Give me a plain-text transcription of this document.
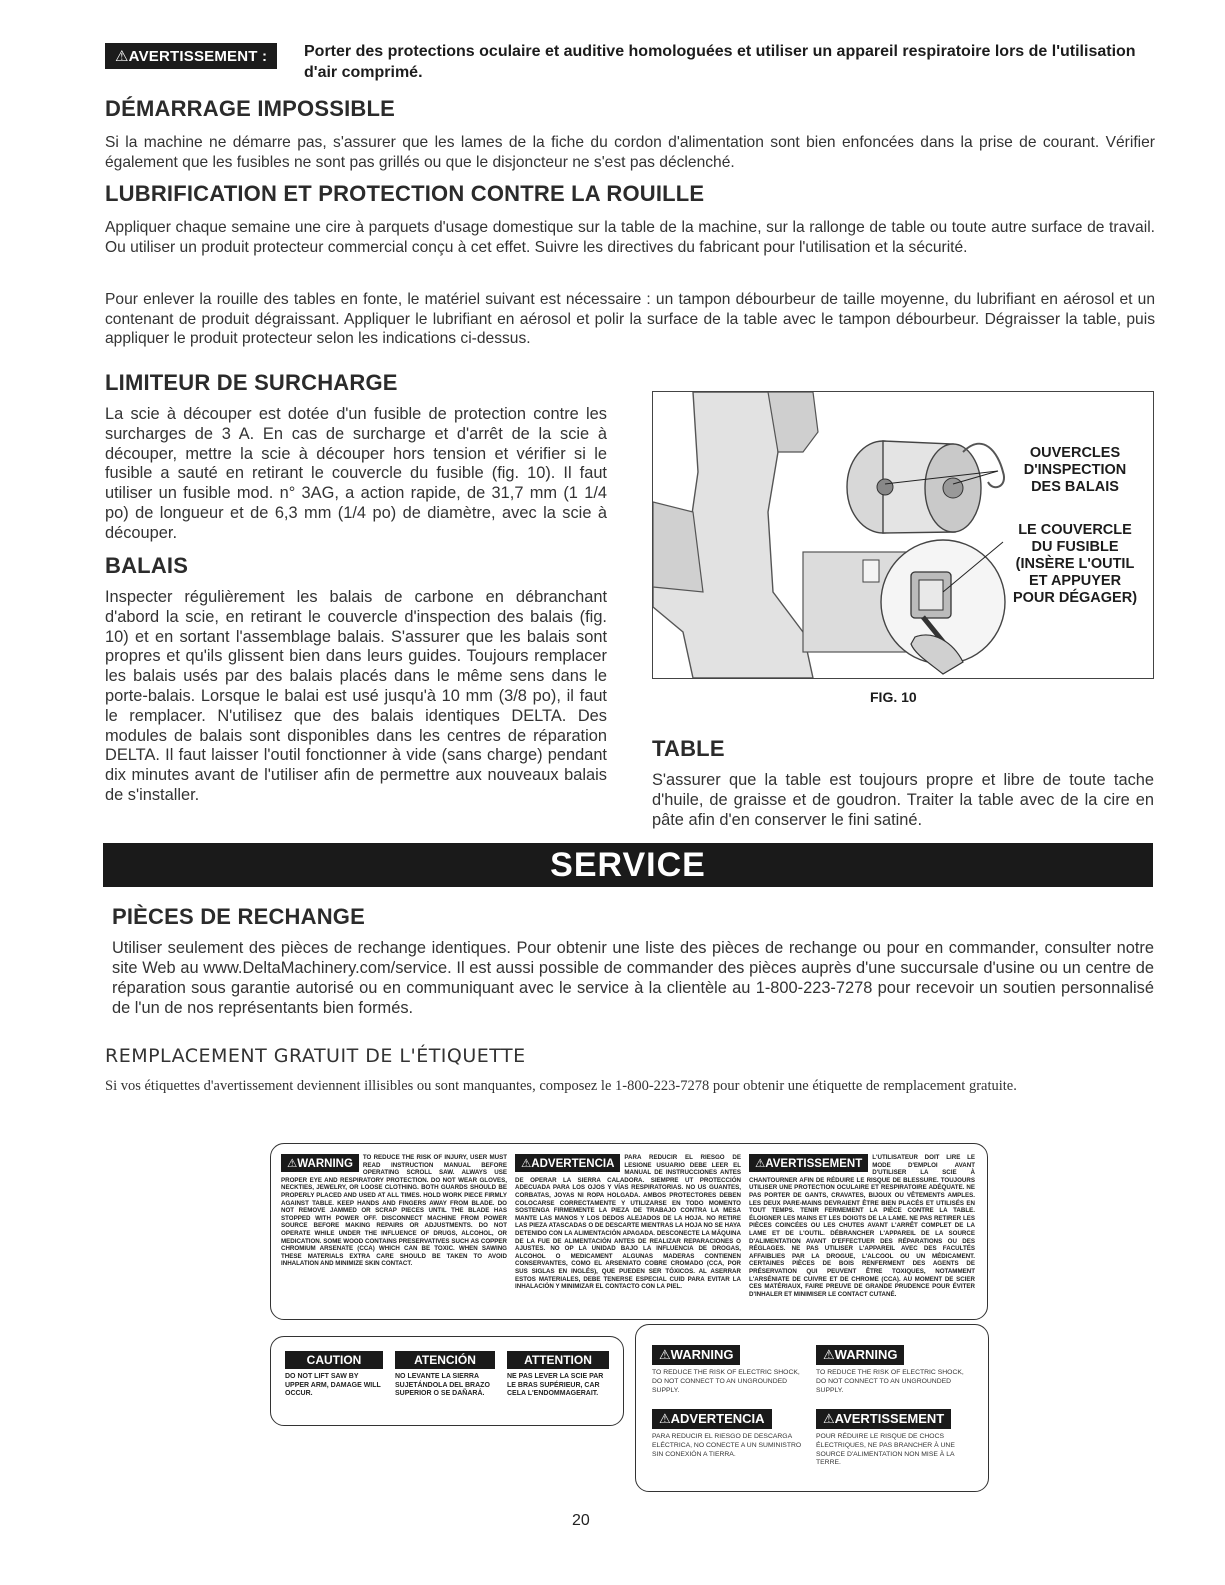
⚠AVERTISSEMENT :	Porter des protections oculaire et auditive homologuées et utiliser un appareil respiratoire lors de l'utilisation d'air comprimé.
DÉMARRAGE IMPOSSIBLE

Si la machine ne démarre pas, s'assurer que les lames de la fiche du cordon d'alimentation sont bien enfoncées dans la prise de courant. Vérifier également que les fusibles ne sont pas grillés ou que le disjoncteur ne s'est pas déclenché.

LUBRIFICATION ET PROTECTION CONTRE LA ROUILLE

Appliquer chaque semaine une cire à parquets d'usage domestique sur la table de la machine, sur la rallonge de table ou toute autre surface de travail. Ou utiliser un produit protecteur commercial conçu à cet effet. Suivre les directives du fabricant pour l'utilisation et la sécurité.

Pour enlever la rouille des tables en fonte, le matériel suivant est nécessaire : un tampon débourbeur de taille moyenne, du lubrifiant en aérosol et un contenant de produit dégraissant. Appliquer le lubrifiant en aérosol et polir la surface de la table avec le tampon débourbeur. Dégraisser la table, puis appliquer le produit protecteur selon les indications ci-dessus.

LIMITEUR DE SURCHARGE

La scie à découper est dotée d'un fusible de protection contre les surcharges de 3 A. En cas de surcharge et d'arrêt de la scie à découper, mettre la scie à découper hors tension et vérifier si le fusible a sauté en retirant le couvercle du fusible (fig. 10). Il faut utiliser un fusible mod. n° 3AG, a action rapide, de 31,7 mm (1 1/4 po) de longueur et de 6,3 mm (1/4 po) de diamètre, avec la scie à découper.

BALAIS

Inspecter régulièrement les balais de carbone en débranchant d'abord la scie, en retirant le couvercle d'inspection des balais (fig. 10) et en sortant l'assemblage balais. S'assurer que les balais sont propres et qu'ils glissent bien dans leurs guides. Toujours remplacer les balais usés par des balais placés dans le même sens dans le porte-balais. Lorsque le balai est usé jusqu'à 10 mm (3/8 po), il faut le remplacer. N'utilisez que des balais identiques DELTA. Des modules de balais sont disponibles dans les centres de réparation DELTA. Il faut laisser l'outil fonctionner à vide (sans charge) pendant dix minutes avant de l'utiliser afin de permettre aux nouveaux balais de s'installer.

OUVERCLES
D'INSPECTION
DES BALAIS
LE COUVERCLE
DU FUSIBLE
(INSÈRE L'OUTIL
ET APPUYER
POUR DÉGAGER)
FIG. 10
TABLE

S'assurer que la table est toujours propre et libre de toute tache d'huile, de graisse et de goudron. Traiter la table avec de la cire en pâte afin d'en conserver le fini satiné.

SERVICE
PIÈCES DE RECHANGE

Utiliser seulement des pièces de rechange identiques. Pour obtenir une liste des pièces de rechange ou pour en commander, consulter notre site Web au www.DeltaMachinery.com/service. Il est aussi possible de commander des pièces auprès d'une succursale d'usine ou un centre de réparation sous garantie autorisé ou en communiquant avec le service à la clientèle au 1-800-223-7278 pour recevoir un soutien personnalisé de l'un de nos représentants bien formés.

REMPLACEMENT GRATUIT DE L'ÉTIQUETTE

Si vos étiquettes d'avertissement deviennent illisibles ou sont manquantes, composez le 1-800-223-7278 pour obtenir une étiquette de remplacement gratuite.

⚠WARNING
TO REDUCE THE RISK OF INJURY, USER MUST READ INSTRUCTION MANUAL BEFORE OPERATING SCROLL SAW. ALWAYS USE PROPER EYE AND RESPIRATORY PROTECTION. DO NOT WEAR GLOVES, NECKTIES, JEWELRY, OR LOOSE CLOTHING. BOTH GUARDS SHOULD BE PROPERLY PLACED AND USED AT ALL TIMES. HOLD WORK PIECE FIRMLY AGAINST TABLE. KEEP HANDS AND FINGERS AWAY FROM BLADE. DO NOT REMOVE JAMMED OR SCRAP PIECES UNTIL THE BLADE HAS STOPPED WITH POWER OFF. DISCONNECT MACHINE FROM POWER SOURCE BEFORE MAKING REPAIRS OR ADJUSTMENTS. DO NOT OPERATE WHILE UNDER THE INFLUENCE OF DRUGS, ALCOHOL, OR MEDICATION. SOME WOOD CONTAINS PRESERVATIVES SUCH AS COPPER CHROMIUM ARSENATE (CCA) WHICH CAN BE TOXIC. WHEN SAWING THESE MATERIALS EXTRA CARE SHOULD BE TAKEN TO AVOID INHALATION AND MINIMIZE SKIN CONTACT.
⚠ADVERTENCIA
PARA REDUCIR EL RIESGO DE LESIONE USUARIO DEBE LEER EL MANUAL DE INSTRUCCIONES ANTES DE OPERAR LA SIERRA CALADORA. SIEMPRE UT PROTECCIÓN ADECUADA PARA LOS OJOS Y VÍAS RESPIRATORIAS. NO US GUANTES, CORBATAS, JOYAS NI ROPA HOLGADA. AMBOS PROTECTORES DEBEN COLOCARSE CORRECTAMENTE Y UTILIZARSE EN TODO MOMENTO SOSTENGA FIRMEMENTE LA PIEZA DE TRABAJO CONTRA LA MESA MANTE LAS MANOS Y LOS DEDOS ALEJADOS DE LA HOJA. NO RETIRE LAS PIEZA ATASCADAS O DE DESCARTE MIENTRAS LA HOJA NO SE HAYA DETENIDO CON LA ALIMENTACIÓN APAGADA. DESCONECTE LA MÁQUINA DE LA FUE DE ALIMENTACIÓN ANTES DE REALIZAR REPARACIONES O AJUSTES. NO OP LA UNIDAD BAJO LA INFLUENCIA DE DROGAS, ALCOHOL O MEDICAMENT ALGUNAS MADERAS CONTIENEN CONSERVANTES, COMO EL ARSENIATO COBRE CROMADO (CCA, POR SUS SIGLAS EN INGLÉS), QUE PUEDEN SER TÓXICOS. AL ASERRAR ESTOS MATERIALES, DEBE TENERSE ESPECIAL CUID PARA EVITAR LA INHALACIÓN Y MINIMIZAR EL CONTACTO CON LA PIEL.
⚠AVERTISSEMENT
L'UTILISATEUR DOIT LIRE LE MODE D'EMPLOI AVANT D'UTILISER LA SCIE À CHANTOURNER AFIN DE RÉDUIRE LE RISQUE DE BLESSURE. TOUJOURS UTILISER UNE PROTECTION OCULAIRE ET RESPIRATOIRE ADÉQUATE. NE PAS PORTER DE GANTS, CRAVATES, BIJOUX OU VÊTEMENTS AMPLES. LES DEUX PARE-MAINS DEVRAIENT ÊTRE BIEN PLACÉS ET UTILISÉS EN TOUT TEMPS. TENIR FERMEMENT LA PIÈCE CONTRE LA TABLE. ÉLOIGNER LES MAINS ET LES DOIGTS DE LA LAME. NE PAS RETIRER LES PIÈCES COINCÉES OU LES CHUTES AVANT L'ARRÊT COMPLET DE LA LAME ET DE L'OUTIL. DÉBRANCHER L'APPAREIL DE LA SOURCE D'ALIMENTATION AVANT D'EFFECTUER DES RÉPARATIONS OU DES RÉGLAGES. NE PAS UTILISER L'APPAREIL AVEC DES FACULTÉS AFFAIBLIES PAR LA DROGUE, L'ALCOOL OU UN MÉDICAMENT. CERTAINES PIÈCES DE BOIS RENFERMENT DES AGENTS DE PRÉSERVATION QUI PEUVENT ÊTRE TOXIQUES, NOTAMMENT L'ARSÉNIATE DE CUIVRE ET DE CHROME (CCA). AU MOMENT DE SCIER CES MATÉRIAUX, FAIRE PREUVE DE GRANDE PRUDENCE POUR ÉVITER D'INHALER ET MINIMISER LE CONTACT CUTANÉ.
CAUTION
DO NOT LIFT SAW BY UPPER ARM, DAMAGE WILL OCCUR.
ATENCIÓN
NO LEVANTE LA SIERRA SUJETÁNDOLA DEL BRAZO SUPERIOR O SE DAÑARÁ.
ATTENTION
NE PAS LEVER LA SCIE PAR LE BRAS SUPÉRIEUR, CAR CELA L'ENDOMMAGERAIT.
⚠WARNING
TO REDUCE THE RISK OF ELECTRIC SHOCK, DO NOT CONNECT TO AN UNGROUNDED SUPPLY.
⚠WARNING
TO REDUCE THE RISK OF ELECTRIC SHOCK, DO NOT CONNECT TO AN UNGROUNDED SUPPLY.
⚠ADVERTENCIA
PARA REDUCIR EL RIESGO DE DESCARGA ELÉCTRICA, NO CONECTE A UN SUMINISTRO SIN CONEXIÓN A TIERRA.
⚠AVERTISSEMENT
POUR RÉDUIRE LE RISQUE DE CHOCS ÉLECTRIQUES, NE PAS BRANCHER À UNE SOURCE D'ALIMENTATION NON MISE À LA TERRE.
20
